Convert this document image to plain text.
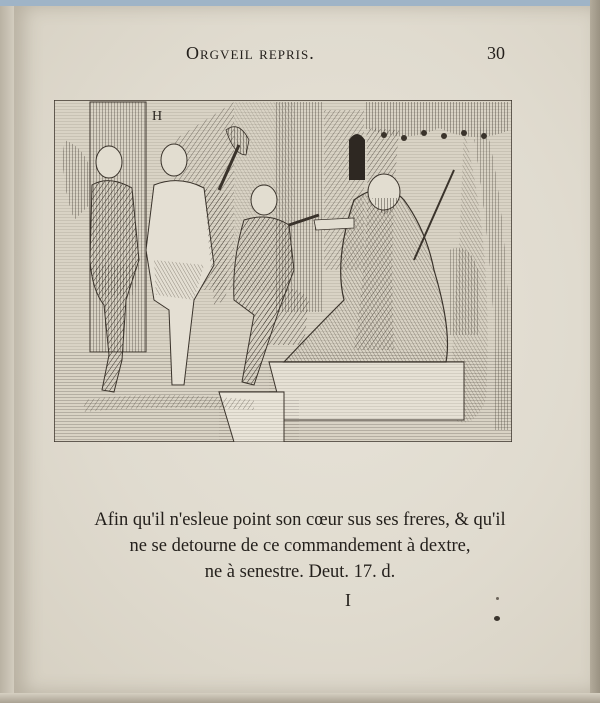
Orgveil repris.	30
H
Afin qu'il n'esleue point son cœur sus ses freres, & qu'il
ne se detourne de ce commandement à dextre,
ne à senestre. Deut. 17. d.
I
